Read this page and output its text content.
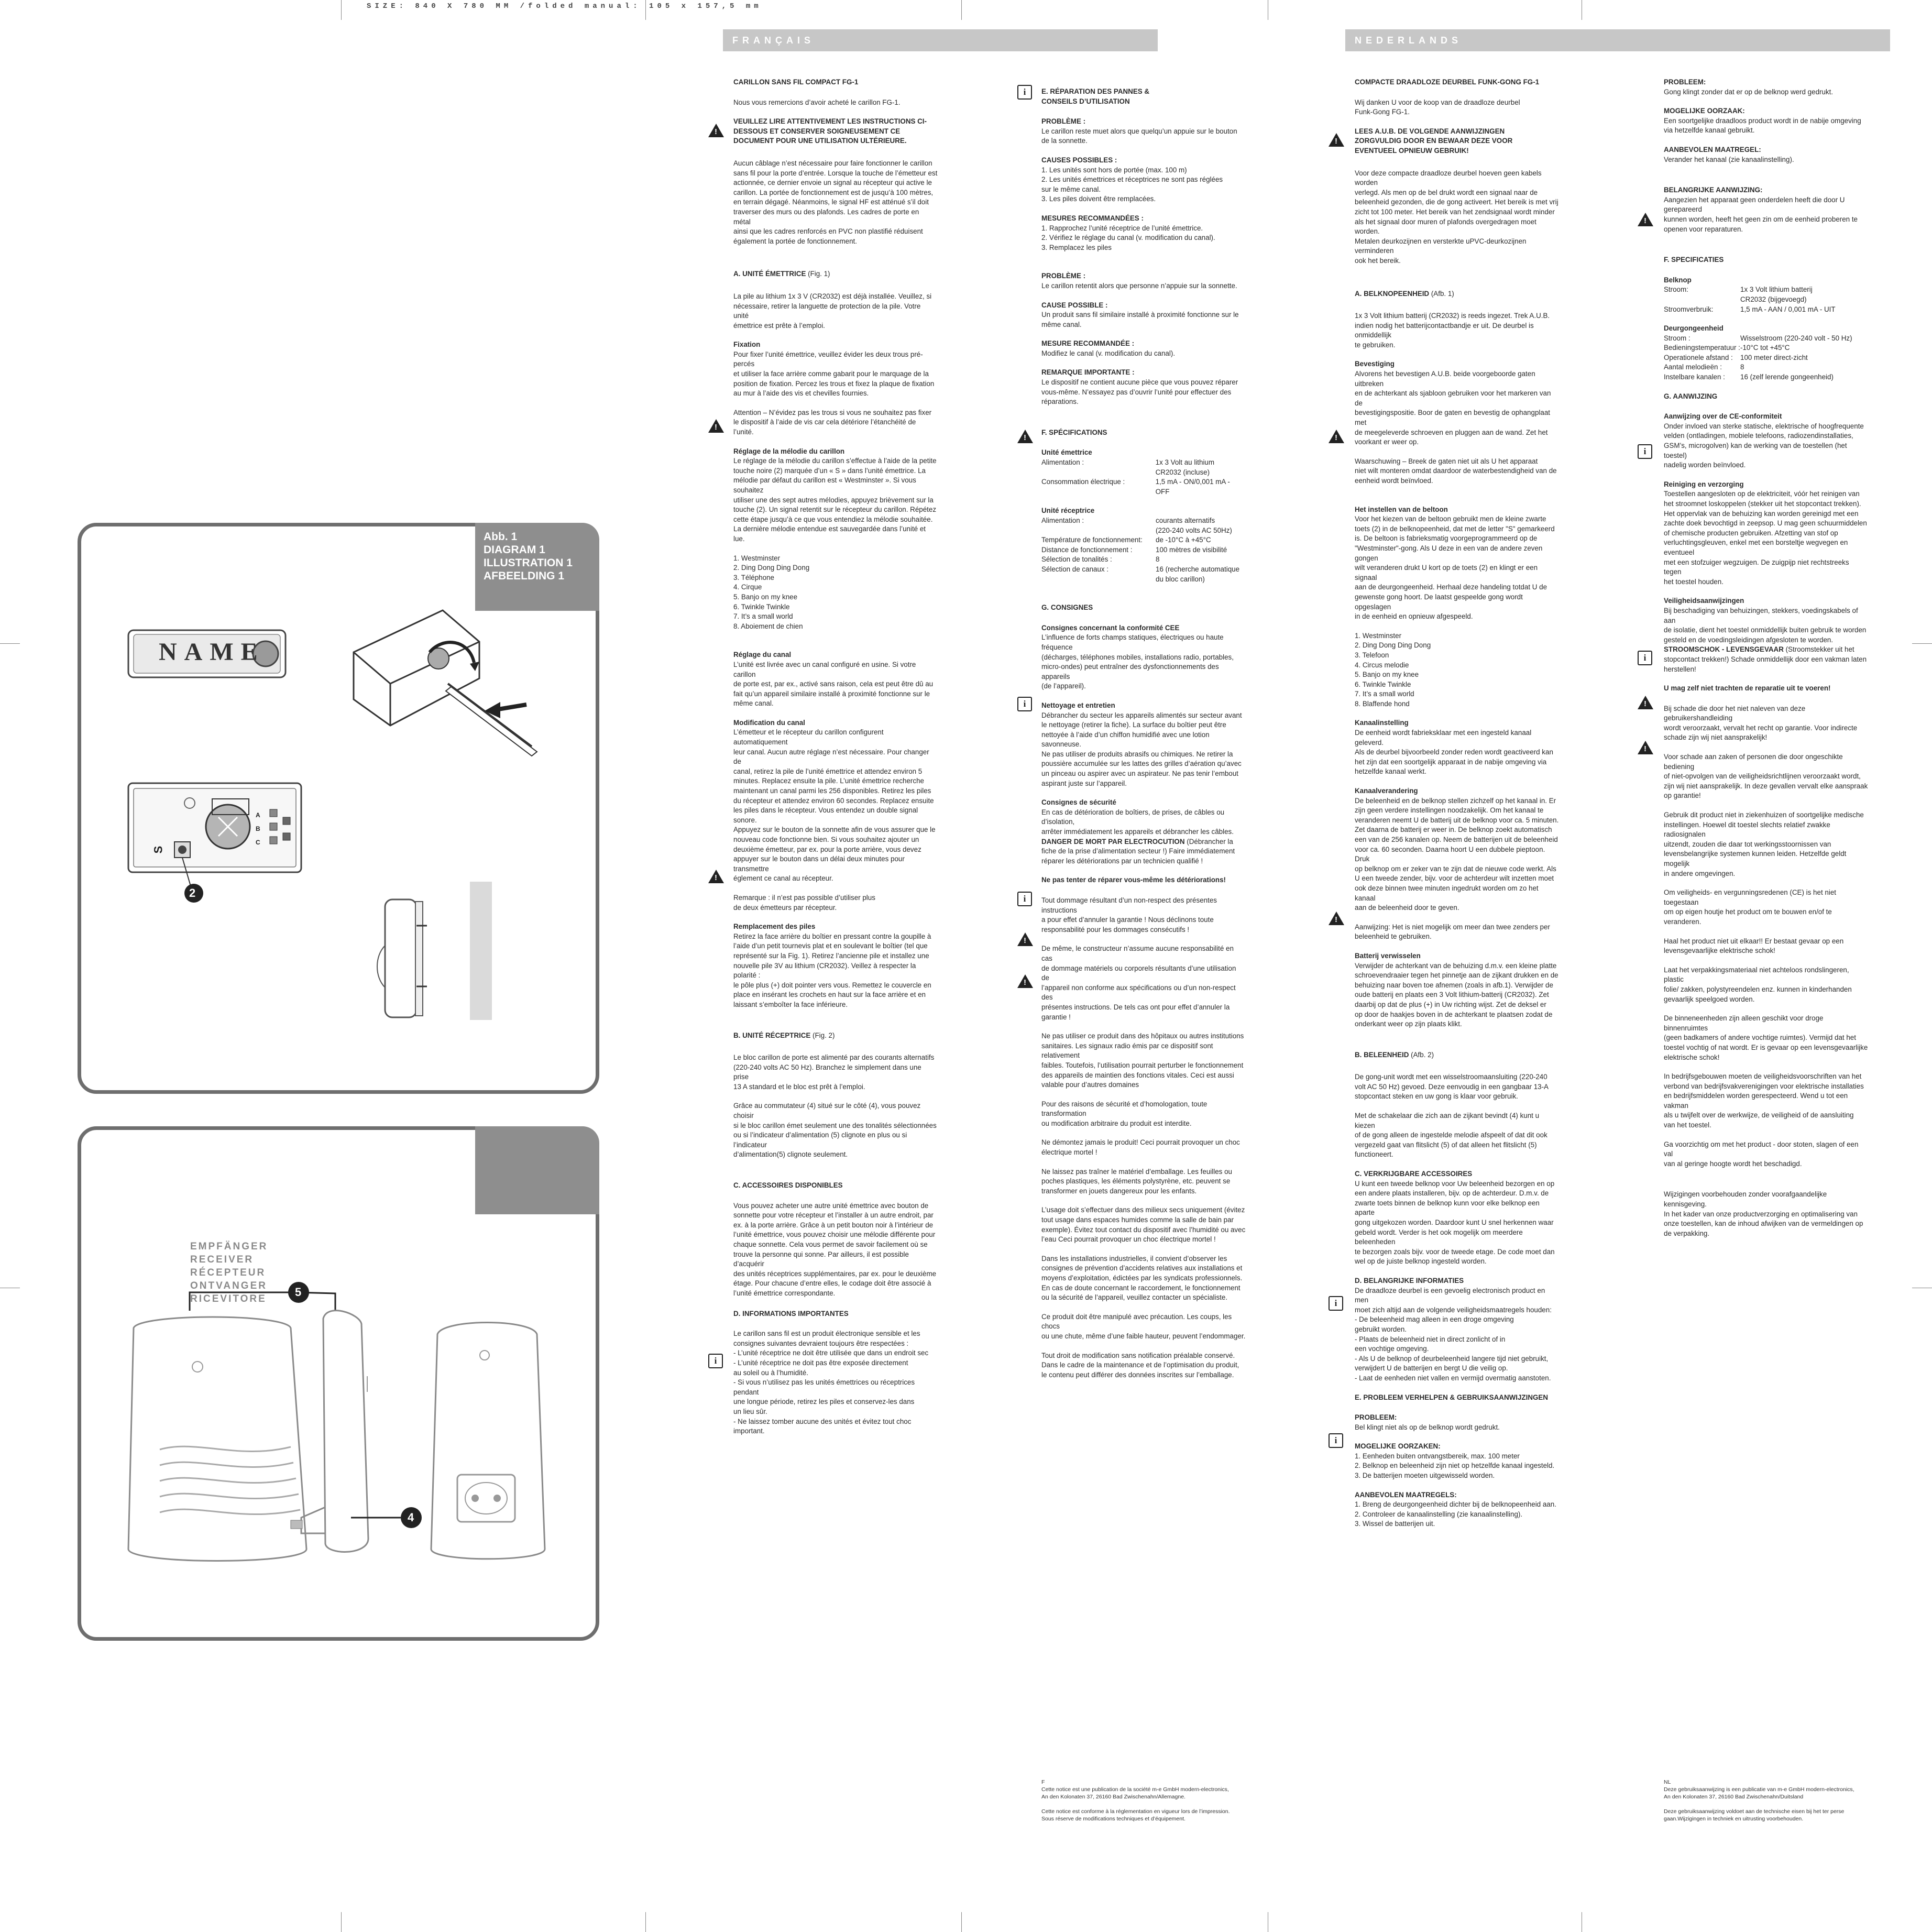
SIZE: 840 X 780 MM /folded manual: 105 x 157,5 mm
FRANÇAIS	NEDERLANDS
Abb. 1
DIAGRAM 1
ILLUSTRATION 1
AFBEELDING 1
NAME
2
S
A B C
EMPFÄNGER
RECEIVER
RÉCEPTEUR
ONTVANGER
RICEVITORE
5
4

CARILLON SANS FIL COMPACT FG-1

Nous vous remercions d’avoir acheté le carillon FG-1.

VEUILLEZ LIRE ATTENTIVEMENT LES INSTRUCTIONS CI-
DESSOUS ET CONSERVER SOIGNEUSEMENT CE
DOCUMENT POUR UNE UTILISATION ULTÉRIEURE.

Aucun câblage n’est nécessaire pour faire fonctionner le carillon
sans fil pour la porte d’entrée. Lorsque la touche de l’émetteur est
actionnée, ce dernier envoie un signal au récepteur qui active le
carillon. La portée de fonctionnement est de jusqu’à 100 mètres,
en terrain dégagé. Néanmoins, le signal HF est atténué s’il doit
traverser des murs ou des plafonds. Les cadres de porte en métal
ainsi que les cadres renforcés en PVC non plastifié réduisent
également la portée de fonctionnement.

A. UNITÉ ÉMETTRICE (Fig. 1)

La pile au lithium 1x 3 V (CR2032) est déjà installée. Veuillez, si
nécessaire, retirer la languette de protection de la pile. Votre unité
émettrice est prête à l’emploi.

Fixation

Pour fixer l’unité émettrice, veuillez évider les deux trous pré-percés
et utiliser la face arrière comme gabarit pour le marquage de la
position de fixation. Percez les trous et fixez la plaque de fixation
au mur à l’aide des vis et chevilles fournies.

Attention – N’évidez pas les trous si vous ne souhaitez pas fixer
le dispositif à l’aide de vis car cela détériore l’étanchéité de l’unité.

Réglage de la mélodie du carillon

Le réglage de la mélodie du carillon s’effectue à l’aide de la petite
touche noire (2) marquée d’un « S » dans l’unité émettrice. La
mélodie par défaut du carillon est « Westminster ». Si vous souhaitez
utiliser une des sept autres mélodies, appuyez brièvement sur la
touche (2). Un signal retentit sur le récepteur du carillon. Répétez
cette étape jusqu’à ce que vous entendiez la mélodie souhaitée.
La dernière mélodie entendue est sauvegardée dans l’unité et lue.

1. Westminster
2. Ding Dong Ding Dong
3. Téléphone
4. Cirque
5. Banjo on my knee
6. Twinkle Twinkle
7. It’s a small world
8. Aboiement de chien

Réglage du canal

L’unité est livrée avec un canal configuré en usine. Si votre carillon
de porte est, par ex., activé sans raison, cela est peut être dû au
fait qu’un appareil similaire installé à proximité fonctionne sur le
même canal.

Modification du canal

L’émetteur et le récepteur du carillon configurent automatiquement
leur canal. Aucun autre réglage n’est nécessaire. Pour changer de
canal, retirez la pile de l’unité émettrice et attendez environ 5
minutes. Replacez ensuite la pile. L’unité émettrice recherche
maintenant un canal parmi les 256 disponibles. Retirez les piles
du récepteur et attendez environ 60 secondes. Replacez ensuite
les piles dans le récepteur. Vous entendez un double signal sonore.
Appuyez sur le bouton de la sonnette afin de vous assurer que le
nouveau code fonctionne bien. Si vous souhaitez ajouter un
deuxième émetteur, par ex. pour la porte arrière, vous devez
appuyer sur le bouton dans un délai deux minutes pour transmettre
églement ce canal au récepteur.

Remarque : il n’est pas possible d’utiliser plus
de deux émetteurs par récepteur.

Remplacement des piles

Retirez la face arrière du boîtier en pressant contre la goupille à
l’aide d’un petit tournevis plat et en soulevant le boîtier (tel que
représenté sur la Fig. 1). Retirez l’ancienne pile et installez une
nouvelle pile 3V au lithium (CR2032). Veillez à respecter la polarité :
le pôle plus (+) doit pointer vers vous. Remettez le couvercle en
place en insérant les crochets en haut sur la face arrière et en
laissant s’emboîter la face inférieure.

B. UNITÉ RÉCEPTRICE (Fig. 2)

Le bloc carillon de porte est alimenté par des courants alternatifs
(220-240 volts AC 50 Hz). Branchez le simplement dans une prise
13 A standard et le bloc est prêt à l’emploi.

Grâce au commutateur (4) situé sur le côté (4), vous pouvez choisir
si le bloc carillon émet seulement une des tonalités sélectionnées
ou si l’indicateur d’alimentation (5) clignote en plus ou si l’indicateur
d’alimentation(5) clignote seulement.

C. ACCESSOIRES DISPONIBLES

Vous pouvez acheter une autre unité émettrice avec bouton de
sonnette pour votre récepteur et l’installer à un autre endroit, par
ex. à la porte arrière. Grâce à un petit bouton noir à l’intérieur de
l’unité émettrice, vous pouvez choisir une mélodie différente pour
chaque sonnette. Cela vous permet de savoir facilement où se
trouve la personne qui sonne. Par ailleurs, il est possible d’acquérir
des unités réceptrices supplémentaires, par ex. pour le deuxième
étage. Pour chacune d’entre elles, le codage doit être associé à
l’unité émettrice correspondante.

D. INFORMATIONS IMPORTANTES

Le carillon sans fil est un produit électronique sensible et les
consignes suivantes devraient toujours être respectées :
- L’unité réceptrice ne doit être utilisée que dans un endroit sec
- L’unité réceptrice ne doit pas être exposée directement
au soleil ou à l’humidité.
- Si vous n’utilisez pas les unités émettrices ou réceptrices pendant
une longue période, retirez les piles et conservez-les dans
un lieu sûr.
- Ne laissez tomber aucune des unités et évitez tout choc important.

!
!
!
i

E. RÉPARATION DES PANNES &
CONSEILS D’UTILISATION

PROBLÈME :

Le carillon reste muet alors que quelqu’un appuie sur le bouton
de la sonnette.

CAUSES POSSIBLES :

1. Les unités sont hors de portée (max. 100 m)
2. Les unités émettrices et réceptrices ne sont pas réglées
sur le même canal.
3. Les piles doivent être remplacées.

MESURES RECOMMANDÉES :

1. Rapprochez l’unité réceptrice de l’unité émettrice.
2. Vérifiez le réglage du canal (v. modification du canal).
3. Remplacez les piles

PROBLÈME :

Le carillon retentit alors que personne n’appuie sur la sonnette.

CAUSE POSSIBLE :

Un produit sans fil similaire installé à proximité fonctionne sur le
même canal.

MESURE RECOMMANDÉE :

Modifiez le canal (v. modification du canal).

REMARQUE IMPORTANTE :

Le dispositif ne contient aucune pièce que vous pouvez réparer
vous-même. N’essayez pas d’ouvrir l’unité pour effectuer des
réparations.

F. SPÉCIFICATIONS

Unité émettrice

Alimentation :

Consommation électrique :
1x 3 Volt au lithium
CR2032 (incluse)
1,5 mA - ON/0,001 mA - OFF

Unité réceptrice

Alimentation :

Température de fonctionnement:
Distance de fonctionnement :
Sélection de tonalités :
Sélection de canaux :
courants alternatifs
(220-240 volts AC 50Hz)
de -10°C à +45°C
100 mètres de visibilité
8
16 (recherche automatique
du bloc carillon)

G. CONSIGNES

Consignes concernant la conformité CEE

L’influence de forts champs statiques, électriques ou haute fréquence
(décharges, téléphones mobiles, installations radio, portables,
micro-ondes) peut entraîner des dysfonctionnements des appareils
(de l’appareil).

Nettoyage et entretien

Débrancher du secteur les appareils alimentés sur secteur avant
le nettoyage (retirer la fiche). La surface du boîtier peut être
nettoyée à l’aide d’un chiffon humidifié avec une lotion savonneuse.
Ne pas utiliser de produits abrasifs ou chimiques. Ne retirer la
poussière accumulée sur les lattes des grilles d’aération qu’avec
un pinceau ou aspirer avec un aspirateur. Ne pas tenir l’embout
aspirant juste sur l’appareil.

Consignes de sécurité

En cas de détérioration de boîtiers, de prises, de câbles ou d’isolation,
arrêter immédiatement les appareils et débrancher les câbles.

DANGER DE MORT PAR ELECTROCUTION (Débrancher la
fiche de la prise d’alimentation secteur !) Faire immédiatement
réparer les détériorations par un technicien qualifié !

Ne pas tenter de réparer vous-même les détériorations!

Tout dommage résultant d’un non-respect des présentes instructions
a pour effet d’annuler la garantie ! Nous déclinons toute
responsabilité pour les dommages consécutifs !

De même, le constructeur n’assume aucune responsabilité en cas
de dommage matériels ou corporels résultants d’une utilisation de
l’appareil non conforme aux spécifications ou d’un non-respect des
présentes instructions. De tels cas ont pour effet d’annuler la
garantie !

Ne pas utiliser ce produit dans des hôpitaux ou autres institutions
sanitaires. Les signaux radio émis par ce dispositif sont relativement
faibles. Toutefois, l’utilisation pourrait perturber le fonctionnement
des appareils de maintien des fonctions vitales. Ceci est aussi
valable pour d’autres domaines

Pour des raisons de sécurité et d’homologation, toute transformation
ou modification arbitraire du produit est interdite.

Ne démontez jamais le produit! Ceci pourrait provoquer un choc
électrique mortel !

Ne laissez pas traîner le matériel d’emballage. Les feuilles ou
poches plastiques, les éléments polystyrène, etc. peuvent se
transformer en jouets dangereux pour les enfants.

L’usage doit s’effectuer dans des milieux secs uniquement (évitez
tout usage dans espaces humides comme la salle de bain par
exemple). Évitez tout contact du dispositif avec l’humidité ou avec
l’eau Ceci pourrait provoquer un choc électrique mortel !

Dans les installations industrielles, il convient d’observer les
consignes de prévention d’accidents relatives aux installations et
moyens d’exploitation, édictées par les syndicats professionnels.
En cas de doute concernant le raccordement, le fonctionnement
ou la sécurité de l’appareil, veuillez contacter un spécialiste.

Ce produit doit être manipulé avec précaution. Les coups, les chocs
ou une chute, même d’une faible hauteur, peuvent l’endommager.

Tout droit de modification sans notification préalable conservé.
Dans le cadre de la maintenance et de l’optimisation du produit,
le contenu peut différer des données inscrites sur l’emballage.

i
!
i
i
!
!
F
Cette notice est une publication de la société m-e GmbH modern-electronics,
An den Kolonaten 37, 26160 Bad Zwischenahn/Allemagne.

Cette notice est conforme à la réglementation en vigueur lors de l’impression.
Sous réserve de modifications techniques et d’équipement.

COMPACTE DRAADLOZE DEURBEL FUNK-GONG FG-1

Wij danken U voor de koop van de draadloze deurbel
Funk-Gong FG-1.

LEES A.U.B. DE VOLGENDE AANWIJZINGEN
ZORGVULDIG DOOR EN BEWAAR DEZE VOOR
EVENTUEEL OPNIEUW GEBRUIK!

Voor deze compacte draadloze deurbel hoeven geen kabels worden
verlegd. Als men op de bel drukt wordt een signaal naar de
beleenheid gezonden, die de gong activeert. Het bereik is met vrij
zicht tot 100 meter. Het bereik van het zendsignaal wordt minder
als het signaal door muren of plafonds overgedragen moet worden.
Metalen deurkozijnen en versterkte uPVC-deurkozijnen verminderen
ook het bereik.

A. BELKNOPEENHEID (Afb. 1)

1x 3 Volt lithium batterij (CR2032) is reeds ingezet. Trek A.U.B.
indien nodig het batterijcontactbandje er uit. De deurbel is onmiddellijk
te gebruiken.

Bevestiging

Alvorens het bevestigen A.U.B. beide voorgeboorde gaten uitbreken
en de achterkant als sjabloon gebruiken voor het markeren van de
bevestigingspositie. Boor de gaten en bevestig de ophangplaat met
de meegeleverde schroeven en pluggen aan de wand. Zet het
voorkant er weer op.

Waarschuwing – Breek de gaten niet uit als U het apparaat
niet wilt monteren omdat daardoor de waterbestendigheid van de
eenheid wordt beïnvloed.

Het instellen van de beltoon

Voor het kiezen van de beltoon gebruikt men de kleine zwarte
toets (2) in de belknopeenheid, dat met de letter "S" gemarkeerd
is. De beltoon is fabrieksmatig voorgeprogrammeerd op de
"Westminster"-gong. Als U deze in een van de andere zeven gongen
wilt veranderen drukt U kort op de toets (2) en klingt er een signaal
aan de deurgongeenheid. Herhaal deze handeling totdat U de
gewenste gong hoort. De laatst gespeelde gong wordt opgeslagen
in de eenheid en opnieuw afgespeeld.

1. Westminster
2. Ding Dong Ding Dong
3. Telefoon
4. Circus melodie
5. Banjo on my knee
6. Twinkle Twinkle
7. It’s a small world
8. Blaffende hond

Kanaalinstelling

De eenheid wordt fabrieksklaar met een ingesteld kanaal geleverd.
Als de deurbel bijvoorbeeld zonder reden wordt geactiveerd kan
het zijn dat een soortgelijk apparaat in de nabije omgeving via
hetzelfde kanaal werkt.

Kanaalverandering

De beleenheid en de belknop stellen zichzelf op het kanaal in. Er
zijn geen verdere instellingen noodzakelijk. Om het kanaal te
veranderen neemt U de batterij uit de belknop voor ca. 5 minuten.
Zet daarna de batterij er weer in. De belknop zoekt automatisch
een van de 256 kanalen op. Neem de batterijen uit de beleenheid
voor ca. 60 seconden. Daarna hoort U een dubbele pieptoon. Druk
op belknop om er zeker van te zijn dat de nieuwe code werkt. Als
U een tweede zender, bijv. voor de achterdeur wilt inzetten moet
ook deze binnen twee minuten ingedrukt worden om zo het kanaal
aan de beleenheid door te geven.

Aanwijzing: Het is niet mogelijk om meer dan twee zenders per
beleenheid te gebruiken.

Batterij verwisselen

Verwijder de achterkant van de behuizing d.m.v. een kleine platte
schroevendraaier tegen het pinnetje aan de zijkant drukken en de
behuizing naar boven toe afnemen (zoals in afb.1). Verwijder de
oude batterij en plaats een 3 Volt lithium-batterij (CR2032). Zet
daarbij op dat de plus (+) in Uw richting wijst. Zet de deksel er
op door de haakjes boven in de achterkant te plaatsen zodat de
onderkant weer op zijn plaats klikt.

B. BELEENHEID (Afb. 2)

De gong-unit wordt met een wisselstroomaansluiting (220-240
volt AC 50 Hz) gevoed. Deze eenvoudig in een gangbaar 13-A
stopcontact steken en uw gong is klaar voor gebruik.

Met de schakelaar die zich aan de zijkant bevindt (4) kunt u kiezen
of de gong alleen de ingestelde melodie afspeelt of dat dit ook
vergezeld gaat van flitslicht (5) of dat alleen het flitslicht (5)
functioneert.

C. VERKRIJGBARE ACCESSOIRES

U kunt een tweede belknop voor Uw beleenheid bezorgen en op
een andere plaats installeren, bijv. op de achterdeur. D.m.v. de
zwarte toets binnen de belknop kunn voor elke belknop een aparte
gong uitgekozen worden. Daardoor kunt U snel herkennen waar
gebeld wordt. Verder is het ook mogelijk om meerdere beleenheden
te bezorgen zoals bijv. voor de tweede etage. De code moet dan
wel op de juiste belknop ingesteld worden.

D. BELANGRIJKE INFORMATIES

De draadloze deurbel is een gevoelig electronisch product en men
moet zich altijd aan de volgende veiligheidsmaatregels houden:
- De beleenheid mag alleen in een droge omgeving
gebruikt worden.
- Plaats de beleenheid niet in direct zonlicht of in
een vochtige omgeving.
- Als U de belknop of deurbeleenheid langere tijd niet gebruikt,
verwijdert U de batterijen en bergt U die veilig op.
- Laat de eenheden niet vallen en vermijd overmatig aanstoten.

E. PROBLEEM VERHELPEN & GEBRUIKSAANWIJZINGEN

PROBLEEM:

Bel klingt niet als op de belknop wordt gedrukt.

MOGELIJKE OORZAKEN:

1. Eenheden buiten ontvangstbereik, max. 100 meter
2. Belknop en beleenheid zijn niet op hetzelfde kanaal ingesteld.
3. De batterijen moeten uitgewisseld worden.

AANBEVOLEN MAATREGELS:

1. Breng de deurgongeenheid dichter bij de belknopeenheid aan.
2. Controleer de kanaalinstelling (zie kanaalinstelling).
3. Wissel de batterijen uit.

!
!
!
i
i

PROBLEEM:

Gong klingt zonder dat er op de belknop werd gedrukt.

MOGELIJKE OORZAAK:

Een soortgelijke draadloos product wordt in de nabije omgeving
via hetzelfde kanaal gebruikt.

AANBEVOLEN MAATREGEL:

Verander het kanaal (zie kanaalinstelling).

BELANGRIJKE AANWIJZING:

Aangezien het apparaat geen onderdelen heeft die door U gerepareerd
kunnen worden, heeft het geen zin om de eenheid proberen te
openen voor reparaturen.

F. SPECIFICATIES

Belknop

Stroom:

Stroomverbruik:
1x 3 Volt lithium batterij
CR2032 (bijgevoegd)
1,5 mA - AAN / 0,001 mA - UIT

Deurgongeenheid

Stroom :
Bedieningstemperatuur :
Operationele afstand :
Aantal melodieën :
Instelbare kanalen :
Wisselstroom (220-240 volt - 50 Hz)
-10°C tot +45°C
100 meter direct-zicht
8
16 (zelf lerende gongeenheid)

G. AANWIJZING

Aanwijzing over de CE-conformiteit

Onder invloed van sterke statische, elektrische of hoogfrequente
velden (ontladingen, mobiele telefoons, radiozendinstallaties,
GSM’s, microgolven) kan de werking van de toestellen (het toestel)
nadelig worden beïnvloed.

Reiniging en verzorging

Toestellen aangesloten op de elektriciteit, vóór het reinigen van
het stroomnet loskoppelen (stekker uit het stopcontact trekken).
Het oppervlak van de behuizing kan worden gereinigd met een
zachte doek bevochtigd in zeepsop. U mag geen schuurmiddelen
of chemische producten gebruiken. Afzetting van stof op
verluchtingsgleuven, enkel met een borsteltje wegvegen en eventueel
met een stofzuiger wegzuigen. De zuigpijp niet rechtstreeks tegen
het toestel houden.

Veiligheidsaanwijzingen

Bij beschadiging van behuizingen, stekkers, voedingskabels of aan
de isolatie, dient het toestel onmiddellijk buiten gebruik te worden
gesteld en de voedingsleidingen afgesloten te worden.

STROOMSCHOK - LEVENSGEVAAR (Stroomstekker uit het
stopcontact trekken!) Schade onmiddellijk door een vakman laten
herstellen!

U mag zelf niet trachten de reparatie uit te voeren!

Bij schade die door het niet naleven van deze gebruikershandleiding
wordt veroorzaakt, vervalt het recht op garantie. Voor indirecte
schade zijn wij niet aansprakelijk!

Voor schade aan zaken of personen die door ongeschikte bediening
of niet-opvolgen van de veiligheidsrichtlijnen veroorzaakt wordt,
zijn wij niet aansprakelijk. In deze gevallen vervalt elke aanspraak
op garantie!

Gebruik dit product niet in ziekenhuizen of soortgelijke medische
instellingen. Hoewel dit toestel slechts relatief zwakke radiosignalen
uitzendt, zouden die daar tot werkingsstoornissen van
levensbelangrijke systemen kunnen leiden. Hetzelfde geldt mogelijk
in andere omgevingen.

Om veiligheids- en vergunningsredenen (CE) is het niet toegestaan
om op eigen houtje het product om te bouwen en/of te veranderen.

Haal het product niet uit elkaar!! Er bestaat gevaar op een
levensgevaarlijke elektrische schok!

Laat het verpakkingsmateriaal niet achteloos rondslingeren, plastic
folie/ zakken, polystyreendelen enz. kunnen in kinderhanden
gevaarlijk speelgoed worden.

De binneneenheden zijn alleen geschikt voor droge binnenruimtes
(geen badkamers of andere vochtige ruimtes). Vermijd dat het
toestel vochtig of nat wordt. Er is gevaar op een levensgevaarlijke
elektrische schok!

In bedrijfsgebouwen moeten de veiligheidsvoorschriften van het
verbond van bedrijfsvakverenigingen voor elektrische installaties
en bedrijfsmiddelen worden gerespecteerd. Wend u tot een vakman
als u twijfelt over de werkwijze, de veiligheid of de aansluiting
van het toestel.

Ga voorzichtig om met het product - door stoten, slagen of een val
van al geringe hoogte wordt het beschadigd.

Wijzigingen voorbehouden zonder voorafgaandelijke kennisgeving.
In het kader van onze productverzorging en optimalisering van
onze toestellen, kan de inhoud afwijken van de vermeldingen op
de verpakking.

!
i
i
!
!
NL
Deze gebruiksaanwijzing is een publicatie van m-e GmbH modern-electronics,
An den Kolonaten 37, 26160 Bad Zwischenahn/Duitsland

Deze gebruiksaanwijzing voldoet aan de technische eisen bij het ter perse
gaan.Wijzigingen in techniek en uitrusting voorbehouden.
